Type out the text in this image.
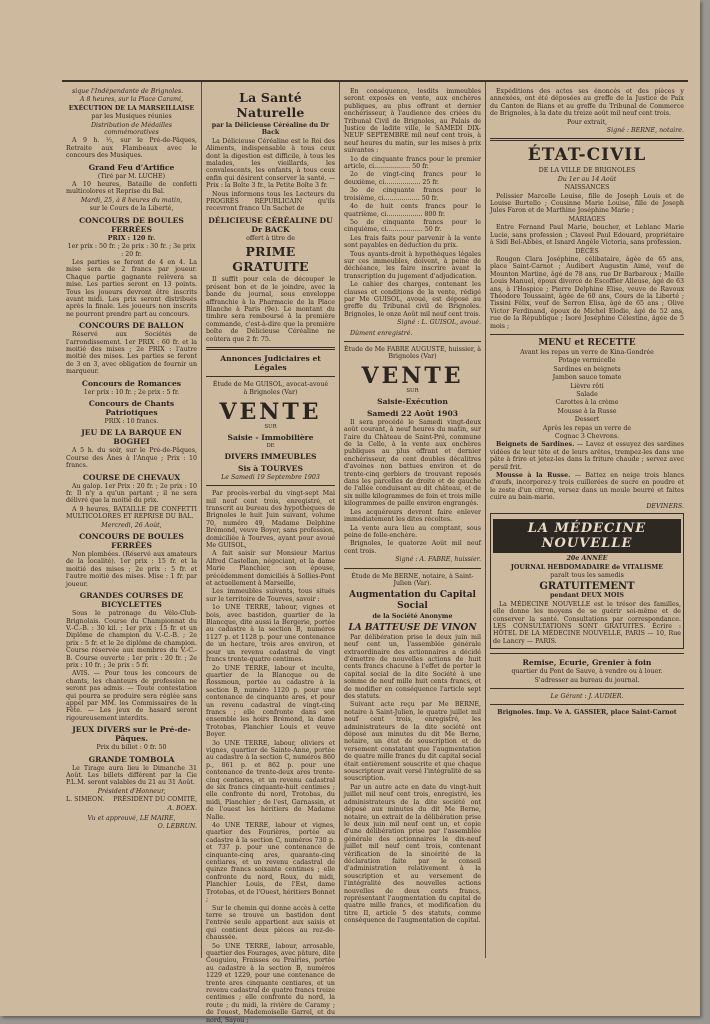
sique l'Indépendante de Brignoles.
A 8 heures, sur la Place Carami,
EXÉCUTION DE LA MARSEILLAISE
par les Musiques réunies
Distribution de Médailles commémoratives
A 9 h. ½, sur le Pré-de-Pâques, Retraite aux Flambeaux avec le concours des Musiques.
Grand Feu d'Artifice
(Tiré par M. LUCHE)
A 10 heures, Bataille de confetti multicolores et Reprise du Bal.
Mardi, 25, à 8 heures du matin,
sur le Cours de la Liberté,
CONCOURS DE BOULES FERRÉES
PRIX : 120 fr.
1er prix : 50 fr. ; 2e prix : 30 fr. ; 3e prix : 20 fr.
Les parties se feront de 4 en 4. La mise sera de 2 francs par joueur. Chaque partie gagnante relèvera sa mise. Les parties seront en 13 points. Tous les joueurs devront être inscrits avant midi. Les prix seront distribués après la finale. Les joueurs non inscrits ne pourront prendre part au concours.
CONCOURS DE BALLON
Réservé aux Sociétés de l'arrondissement. 1er PRIX : 60 fr. et la moitié des mises ; 2e PRIX : l'autre moitié des mises. Les parties se feront de 3 en 3, avec obligation de fournir un marqueur.
Concours de Romances
1er prix : 10 fr. ; 2e prix : 5 fr.
Concours de Chants Patriotiques
PRIX : 10 francs.
JEU DE LA BARQUE EN BOGHEI
A 5 h. du soir, sur le Pré-de-Pâques, Course des Ânes à l'Anque ; Prix : 10 francs.
COURSE DE CHEVAUX
Au galop. 1er Prix : 20 fr. ; 2e prix : 10 fr. Il n'y a qu'un partant ; il ne sera délivré que la moitié du prix.
A 9 heures, BATAILLE DE CONFETTI MULTICOLORES ET REPRISE DU BAL.
Mercredi, 26 Août,
CONCOURS DE BOULES FERRÉES
Non plombées. (Réservé aux amateurs de la localité). 1er prix : 15 fr. et la moitié des mises ; 2e prix : 5 fr. et l'autre moitié des mises. Mise : 1 fr. par joueur.
GRANDES COURSES DE BICYCLETTES
Sous le patronage du Vélo-Club-Brignolais. Course du Championnat du V.-C.-B. : 30 kil. ; 1er prix : 15 fr. et un Diplôme de champion du V.-C.-B. ; 2e prix : 5 fr. et le 2e diplôme de champion. Course réservée aux membres du V.-C.-B. Course ouverte : 1er prix : 20 fr. ; 2e prix : 10 fr. ; 3e prix : 5 fr.
AVIS. — Pour tous les concours de chants, les chanteurs de profession ne seront pas admis. — Toute contestation qui pourra se produire sera réglée sans appel par MM. les Commissaires de la Fête. — Les jeux de hasard seront rigoureusement interdits.
JEUX DIVERS sur le Pré-de-Pâques.
Prix du billet : 0 fr. 50
GRANDE TOMBOLA
Le Tirage aura lieu le Dimanche 31 Août. Les billets différent par la Cie P.L.M. seront valables du 21 au 31 Août.
Président d'Honneur,
L. SIMEON. PRÉSIDENT DU COMITÉ,
A. BOEX.
Vu et approuvé, LE MAIRE,
O. LEBRUN.
La Santé Naturelle
par la Délicieuse Céréaline du Dr Back
La Délicieuse Céréaline est le Roi des Aliments, indispensable à tous ceux dont la digestion est difficile, à tous les malades, les vieillards, les convalescents, les enfants, à tous ceux enfin qui désirent conserver la santé. — Prix : la Boîte 3 fr., la Petite Boîte 3 fr.
Nous informons tous les Lecteurs du PROGRÈS RÉPUBLICAIN qu'ils recevront franco Un Sachet de
DÉLICIEUSE CÉRÉALINE DU Dr BACK
offert à titre de
PRIME GRATUITE
Il suffit pour cela de découper le présent bon et de le joindre, avec la bande du journal, sous enveloppe affranchie à la Pharmacie de la Place Blanche à Paris (9e). Le montant du timbre sera remboursé à la première commande, c'est-à-dire que la première boîte de Délicieuse Céréaline ne coûtera que 2 fr. 75.
Annonces Judiciaires et Légales
Étude de Me GUISOL, avocat-avoué
à Brignoles (Var)
VENTE
SUR
Saisie - Immobilière
DE
DIVERS IMMEUBLES
Sis à TOURVES
Le Samedi 19 Septembre 1903
Par procès-verbal du vingt-sept Mai mil neuf cent trois, enregistré, et transcrit au bureau des hypothèques de Brignoles le huit Juin suivant, volume 70, numéro 49, Madame Delphine Brémond, veuve Boyer, sans profession, domiciliée à Tourves, ayant pour avoué Me GUISOL,
A fait saisir sur Monsieur Marius Alfred Castellan, négociant, et la dame Marie Planchier, son épouse, précédemment domiciliés à Sollies-Pont et actuellement à Marseille,
Les immeubles suivants, tous situés sur le territoire de Tourves, savoir :
1o UNE TERRE, labour, vignes et bois, avec bastidon, quartier de la Blancque, dite aussi la Bergerie, portée au cadastre à la section B, numéros 1127 p. et 1128 p. pour une contenance de un hectare, trois ares environ, et pour un revenu cadastral de vingt francs trente-quatre centimes.
2o UNE TERRE, labour et inculte, quartier de la Blancque ou de Rossmoun, portée au cadastre à la section B, numéro 1120 p. pour une contenance de cinquante ares, et pour un revenu cadastral de vingt-cinq francs ; elle confronte dans son ensemble les hoirs Brémond, la dame Trotobas, Planchier Louis et veuve Boyer.
3o UNE TERRE, labour, oliviers et vignes, quartier de Sainte-Anne, portée au cadastre à la section C, numéros 860 p., 861 p. et 862 p. pour une contenance de trente-deux ares trente-cinq centiares, et un revenu cadastral de six francs cinquante-huit centimes ; elle confronte du nord, Trotobas, du midi, Planchier ; de l'est, Garnassin, et de l'ouest les héritiers de Madame Nalle.
4o UNE TERRE, labour et vignes, quartier des Fourières, portée au cadastre à la section C, numéros 730 p. et 737 p. pour une contenance de cinquante-cinq ares, quarante-cinq centiares, et un revenu cadastral de quinze francs soixante centimes ; elle confronte du nord, Roux, du midi, Planchier Louis, de l'Est, dame Trotobas, et de l'Ouest, héritiers Bonnet ;
Sur le chemin qui donne accès à cette terre se trouve un bastidon dont l'entrée seule appartient aux saisis et qui contient deux pièces au rez-de-chaussée.
5o UNE TERRE, labour, arrosable, quartier des Fourages, avec pâture, dite Couguiou, Fraisses ou Prairies, portée au cadastre à la section B, numéros 1229 et 1229, pour une contenance de trente ares cinquante centiares, et un revenu cadastral de quatre francs treize centimes ; elle confronte du nord, la route ; du midi, la rivière de Caramy ; de l'ouest, Mademoiselle Garrel, et du nord, Sayou ;
En conséquence, lesdits immeubles seront exposés en vente, aux enchères publiques, au plus offrant et dernier enchérisseur, à l'audience des criées du Tribunal Civil de Brignoles, au Palais de Justice de ladite ville, le SAMEDI DIX-NEUF SEPTEMBRE mil neuf cent trois, à neuf heures du matin, sur les mises à prix suivantes :
1o de cinquante francs pour le premier article, ci.................. 50 fr.
2o de vingt-cinq francs pour le deuxième, ci.................. 25 fr.
3o de cinquante francs pour le troisième, ci.................. 50 fr.
4o de huit cents francs pour le quatrième, ci.................. 800 fr.
5o de cinquante francs pour le cinquième, ci.................. 50 fr.
Les frais faits pour parvenir à la vente sont payables en déduction du prix.
Tous ayants-droit à hypothèques légales sur ces immeubles, doivent, à peine de déchéance, les faire inscrire avant la transcription du jugement d'adjudication.
Le cahier des charges, contenant les clauses et conditions de la vente, rédigé par Me GUISOL, avoué, est déposé au greffe du Tribunal civil de Brignoles. Brignoles, le onze Août mil neuf cent trois.
Signé : L. GUISOL, avoué.
Dûment enregistré.
Étude de Me FABRE AUGUSTE, huissier, à Brignoles (Var)
VENTE
SUR
Saisie-Exécution
Samedi 22 Août 1903
Il sera procédé le Samedi vingt-deux août courant, à neuf heures du matin, sur l'aire du Château de Saint-Pré, commune de la Celle, à la vente aux enchères publiques au plus offrant et dernier enchérisseur, de cent doubles décalitres d'avoines non battues environ et de trente-cinq gerbiers de trouvant reposés dans les parcelles de droite et de gauche de l'allée conduisant au dit château, et de six mille kilogrammes de foin et trois mille kilogrammes de paille environ engrangés.
Les acquéreurs devront faire enlever immédiatement les dites récoltes.
La vente aura lieu au comptant, sous peine de folle-enchère.
Brignoles, le quatorze Août mil neuf cent trois.
Signé : A. FABRE, huissier.
Étude de Me BERNE, notaire, à Saint-Julien (Var).
Augmentation du Capital Social
de la Société Anonyme
LA BATTEUSE DE VINON
Par délibération prise le deux juin mil neuf cent un, l'assemblée générale extraordinaire des actionnaires a décidé d'émettre de nouvelles actions de huit cents francs chacune à l'effet de porter le capital social de la dite Société à une somme de neuf mille huit cents francs, et de modifier en conséquence l'article sept des statuts.
Suivant acte reçu par Me BERNE, notaire à Saint-Julien, le quatre juillet mil neuf cent trois, enregistré, les administrateurs de la dite société ont déposé aux minutes du dit Me Berne, notaire, un état de souscription et de versement constatant que l'augmentation de quatre mille francs du dit capital social était entièrement souscrite et que chaque souscripteur avait versé l'intégralité de sa souscription.
Par un autre acte en date du vingt-huit juillet mil neuf cent trois, enregistré, les administrateurs de la dite société ont déposé aux minutes du dit Me Berne, notaire, un extrait de la délibération prise le deux juin mil neuf cent un, et copie d'une délibération prise par l'assemblée générale des actionnaires le dix-neuf juillet mil neuf cent trois, contenant vérification de la sincérité de la déclaration faite par le conseil d'administration relativement à la souscription et au versement de l'intégralité des nouvelles actions nouvelles de deux cents francs, représentant l'augmentation du capital de quatre mille francs, et modification du titre II, article 5 des statuts, comme conséquence de l'augmentation de capital.
Expéditions des actes ses énoncés et des pièces y annexées, ont été déposées au greffe de la Justice de Paix du Canton de Rians et au greffe du Tribunal de Commerce de Brignoles, à la date du treize août mil neuf cent trois.
Pour extrait,
Signé : BERNE, notaire.
ÉTAT-CIVIL
DE LA VILLE DE BRIGNOLES
Du 1er au 14 Août
NAISSANCES
Pelissier Marcelle Louise, fille de Joseph Louis et de Louise Burtello ; Cousinne Marie Louise, fille de Joseph Jules Faron et de Marthine Joséphine Marie ;
MARIAGES
Entre Fernand Paul Marie, boucher, et Leblanc Marie Lucie, sans profession ; Claveel Paul Edouard, propriétaire à Sidi Bel-Abbès, et Isnard Angèle Victoria, sans profession.
DÉCÈS
Rougon Clara Joséphine, célibataire, âgée de 65 ans, place Saint-Carnot ; Audibert Augustin Aimé, veuf de Mounton Martine, âgé de 78 ans, rue Dr Barbaroux ; Maille Louis Manuel, époux divorcé de Escoffier Alleuse, âgé de 63 ans, à l'Hospice ; Pierre Delphine Elise, veuve de Ravoux Théodore Toussaint, âgée de 60 ans, Cours de la Liberté ; Tissini Félix, veuf de Serron Elisa, âgé de 65 ans ; Olive Victor Ferdinand, époux de Michel Elodie, âgé de 52 ans, rue de la République ; Isoré Joséphine Célestine, âgée de 5 mois ;
MENU et RECETTE
Avant les repas un verre de Kina-Gondrée
Potage vermicelle
Sardines en beignets
Jambon sauce tomate
Lièvre rôti
Salade
Carottes à la crème
Mousse à la Russe
Dessert
Après les repas un verre de
Cognac 3 Chevrons.
Beignets de Sardines. — Lavez et essuyez des sardines vidées de leur tête et de leurs arêtes, trempez-les dans une pâte à frire et jetez-les dans la friture chaude ; servez avec persil frit.
Mousse à la Russe. — Battez en neige trois blancs d'œufs, incorporez-y trois cuillerées de sucre en poudre et le zeste d'un citron, versez dans un moule beurré et faites cuire au bain-marie.
DEVINERS.
LA MÉDECINE NOUVELLE
20e ANNÉE
JOURNAL HEBDOMADAIRE de VITALISME
paraît tous les samedis
GRATUITEMENT
pendant DEUX MOIS
La MÉDECINE NOUVELLE est le trésor des familles, elle donne les moyens de se guérir soi-même et de conserver la santé. Consultations par correspondance. LES CONSULTATIONS SONT GRATUITES. Écrire : HÔTEL DE LA MÉDECINE NOUVELLE, PARIS — 10, Rue de Lancry — PARIS.
Remise, Ecurie, Grenier à foin
quartier du Pont de Sauve, à vendre ou à louer.
S'adresser au bureau du journal.
Le Gérant : J. AUDIER.
Brignoles. Imp. Ve A. GASSIER, place Saint-Carnot
